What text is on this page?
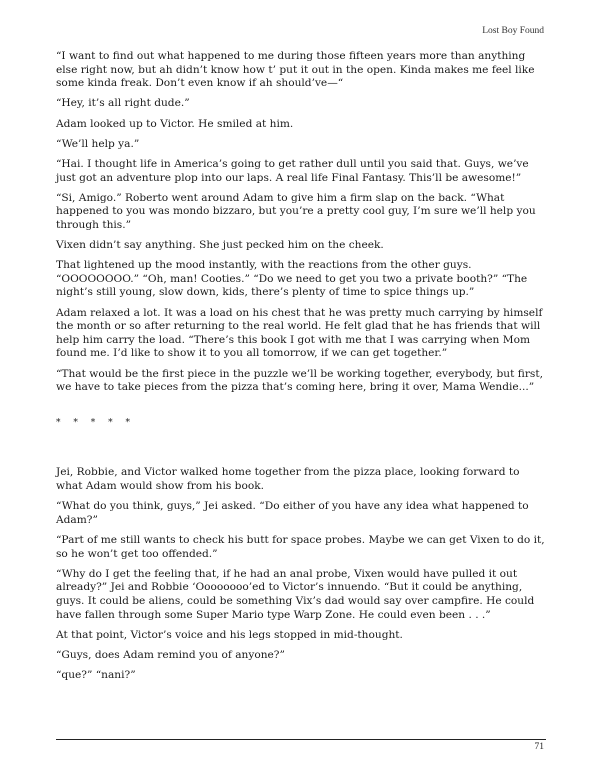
Lost Boy Found

“I want to find out what happened to me during those fifteen years more than anything else right now, but ah didn’t know how t’ put it out in the open. Kinda makes me feel like some kinda freak. Don’t even know if ah should’ve—“

“Hey, it’s all right dude.”

Adam looked up to Victor. He smiled at him.

“We’ll help ya.”

“Hai. I thought life in America’s going to get rather dull until you said that. Guys, we’ve just got an adventure plop into our laps. A real life Final Fantasy. This’ll be awesome!”

“Si, Amigo.” Roberto went around Adam to give him a firm slap on the back. “What happened to you was mondo bizzaro, but you’re a pretty cool guy, I’m sure we’ll help you through this.”

Vixen didn’t say anything. She just pecked him on the cheek.

That lightened up the mood instantly, with the reactions from the other guys. “OOOOOOOO.” “Oh, man! Cooties.” “Do we need to get you two a private booth?” “The night’s still young, slow down, kids, there’s plenty of time to spice things up.”

Adam relaxed a lot. It was a load on his chest that he was pretty much carrying by himself the month or so after returning to the real world. He felt glad that he has friends that will help him carry the load. “There’s this book I got with me that I was carrying when Mom found me. I’d like to show it to you all tomorrow, if we can get together.”

“That would be the first piece in the puzzle we’ll be working together, everybody, but first, we have to take pieces from the pizza that’s coming here, bring it over, Mama Wendie...”

* * * * *

Jei, Robbie, and Victor walked home together from the pizza place, looking forward to what Adam would show from his book.

“What do you think, guys,” Jei asked. “Do either of you have any idea what happened to Adam?”

“Part of me still wants to check his butt for space probes. Maybe we can get Vixen to do it, so he won’t get too offended.”

“Why do I get the feeling that, if he had an anal probe, Vixen would have pulled it out already?” Jei and Robbie ‘Oooooooo’ed to Victor’s innuendo. “But it could be anything, guys. It could be aliens, could be something Vix’s dad would say over campfire. He could have fallen through some Super Mario type Warp Zone. He could even been . . .”

At that point, Victor’s voice and his legs stopped in mid-thought.

“Guys, does Adam remind you of anyone?”

“que?” “nani?”

71
